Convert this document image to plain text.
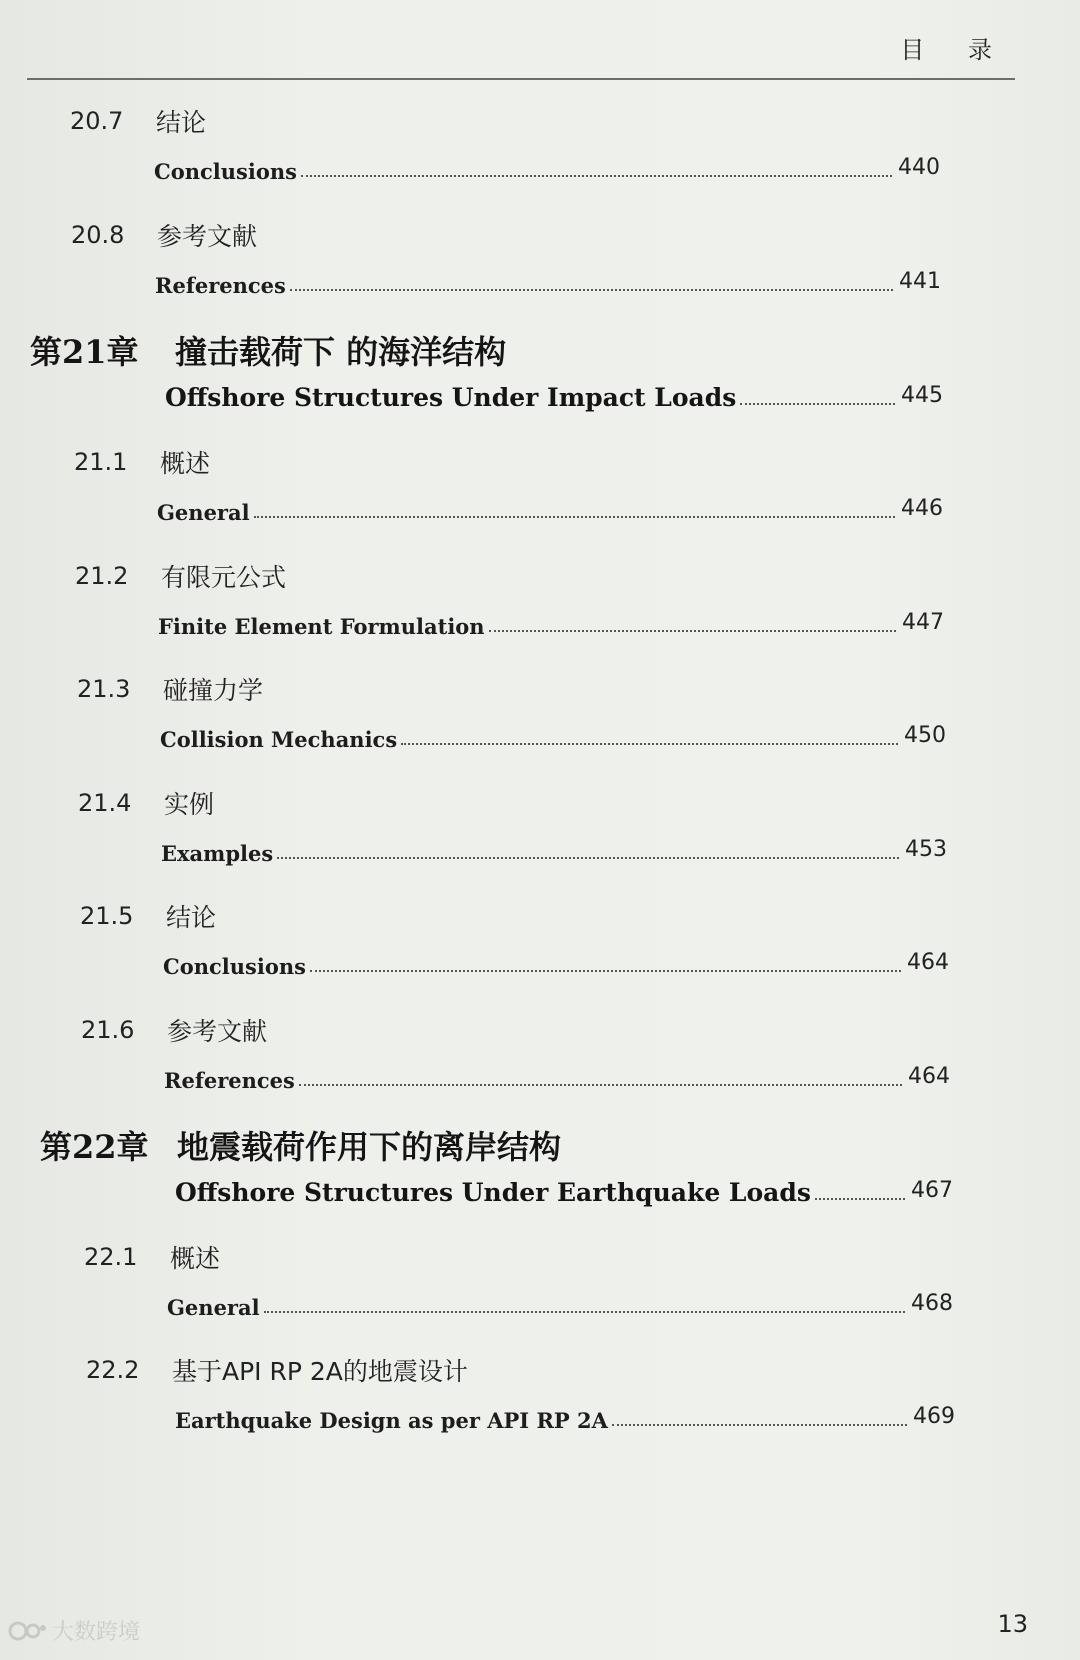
目 录
20.7	结论
Conclusions	440
20.8	参考文献
References	441
第21章	撞击载荷下 的海洋结构
Offshore Structures Under Impact Loads	445
21.1	概述
General	446
21.2	有限元公式
Finite Element Formulation	447
21.3	碰撞力学
Collision Mechanics	450
21.4	实例
Examples	453
21.5	结论
Conclusions	464
21.6	参考文献
References	464
第22章 地震载荷作用下的离岸结构
Offshore Structures Under Earthquake Loads	467
22.1	概述
General	468
22.2	基于API RP 2A的地震设计
Earthquake Design as per API RP 2A	469
13
大数跨境
